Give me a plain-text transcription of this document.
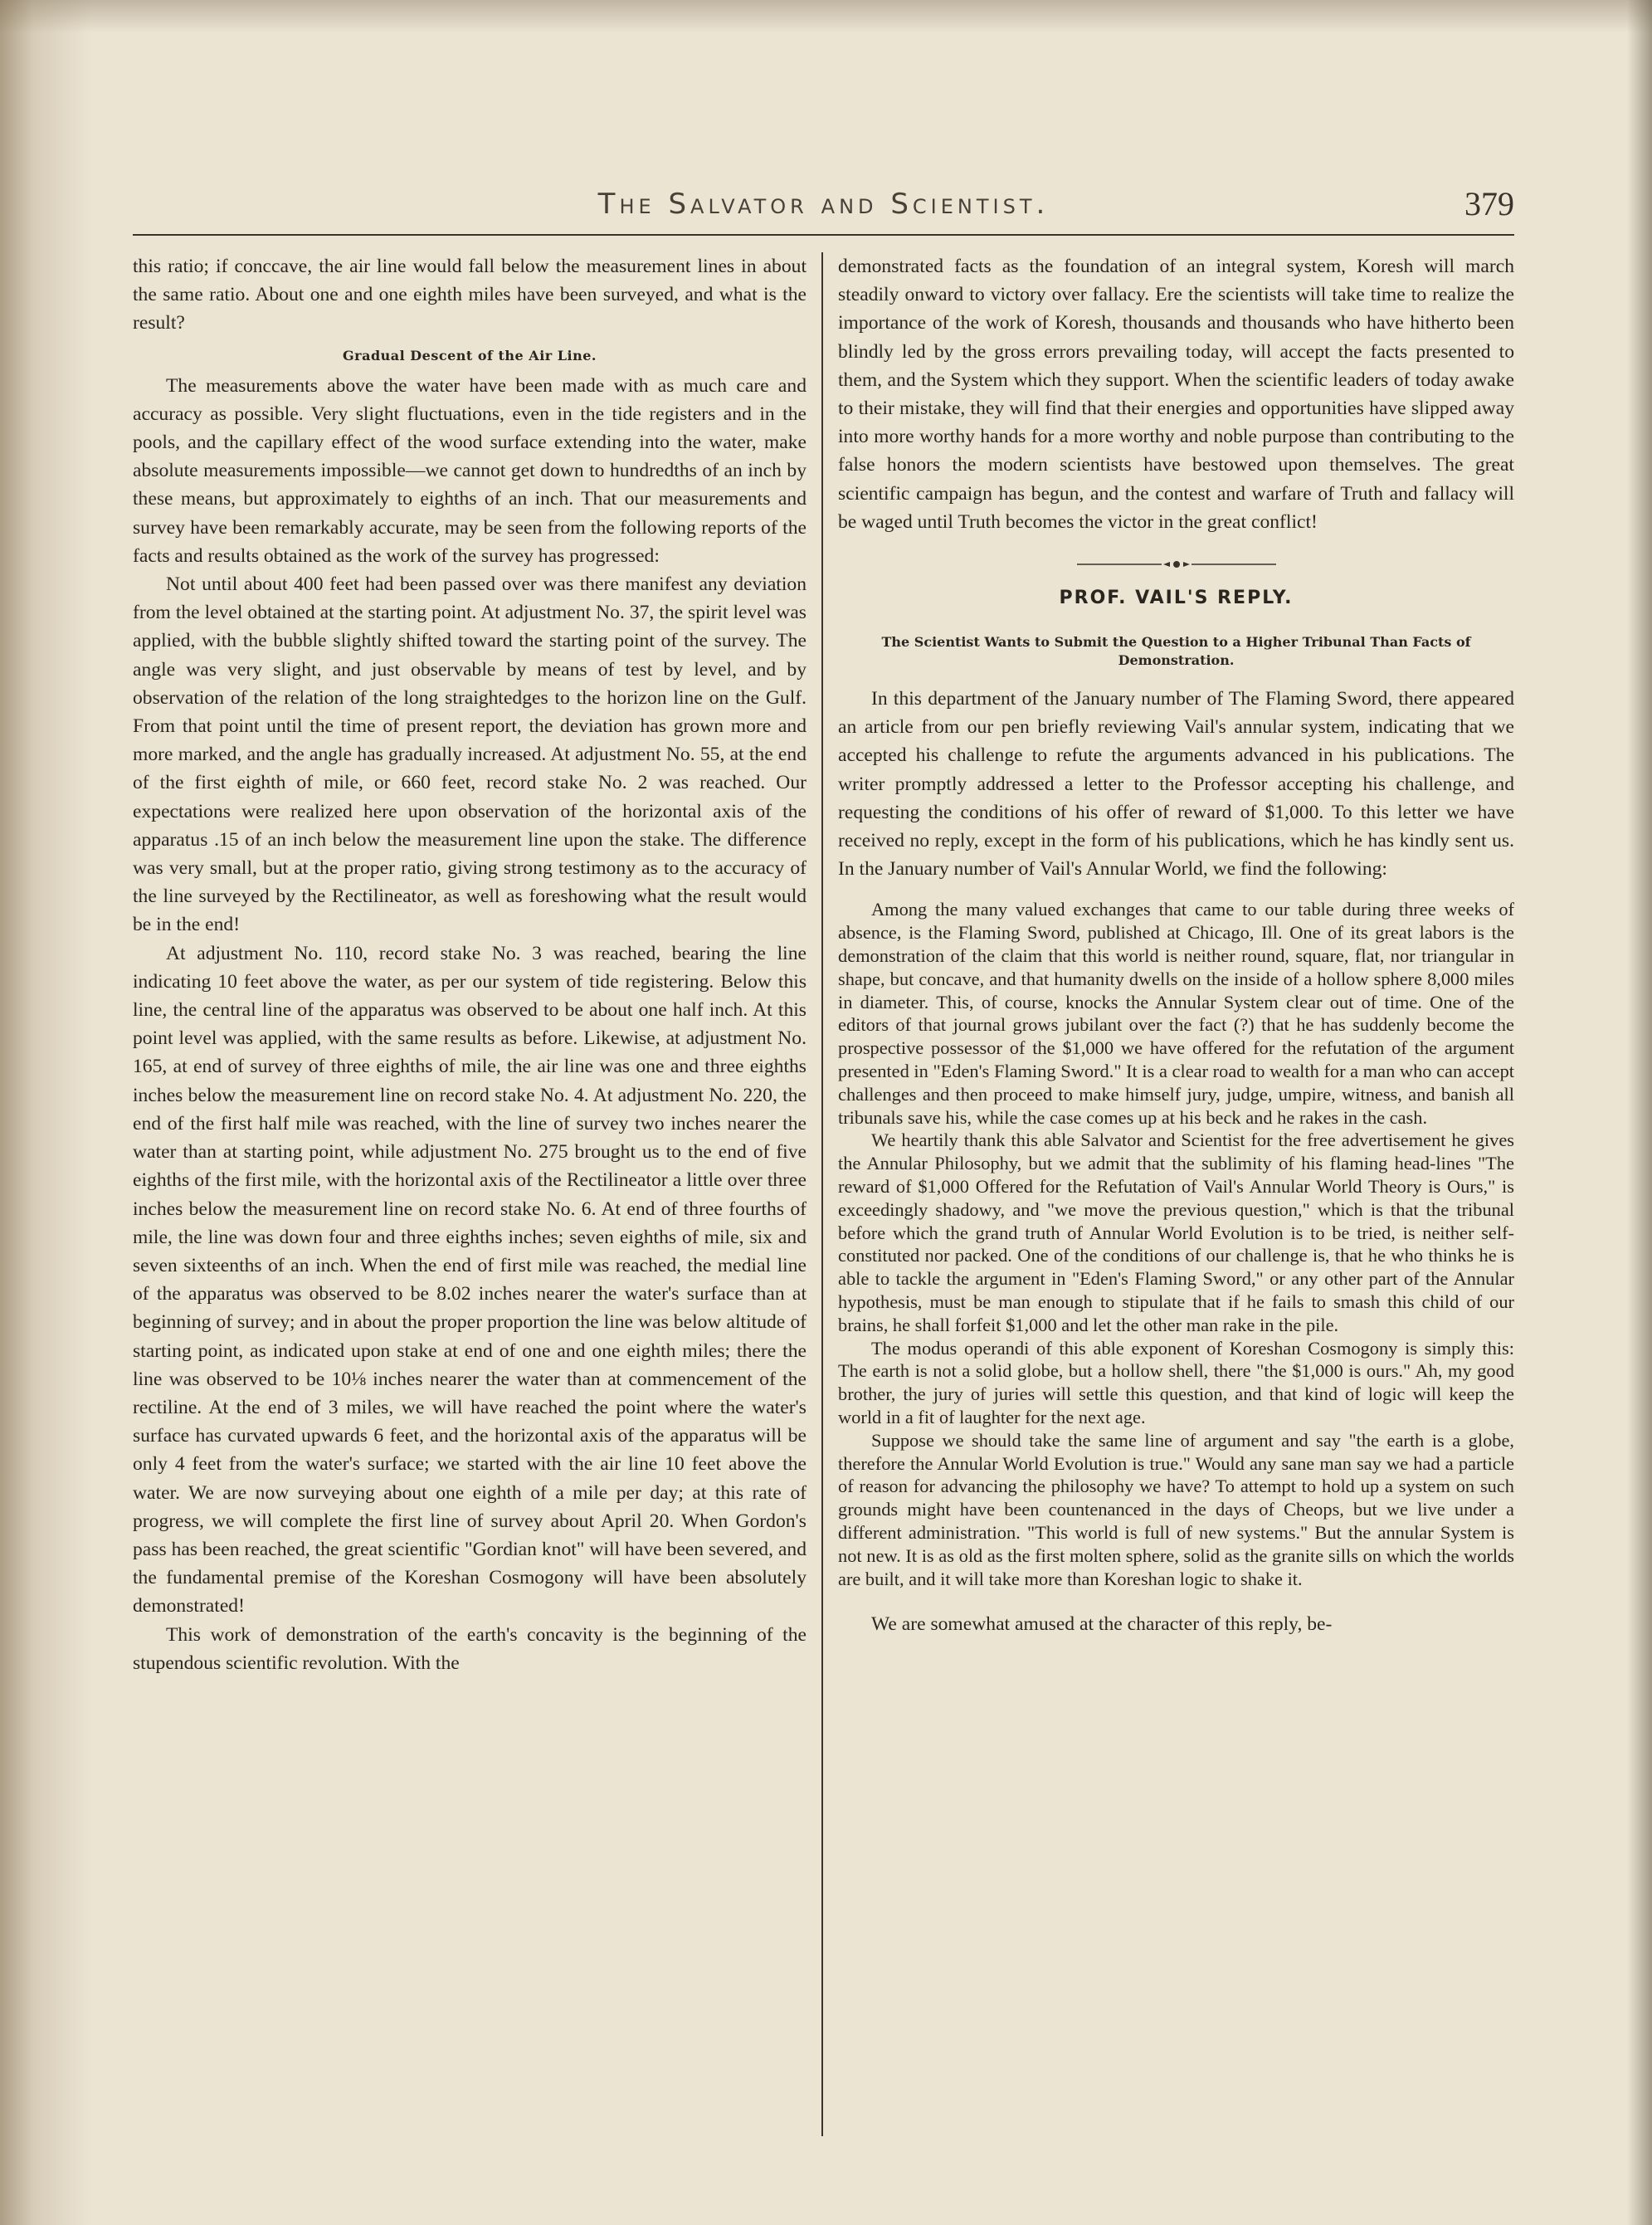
The Salvator and Scientist.	379

this ratio; if conccave, the air line would fall below the measurement lines in about the same ratio. About one and one eighth miles have been surveyed, and what is the result?

Gradual Descent of the Air Line.

The measurements above the water have been made with as much care and accuracy as possible. Very slight fluctuations, even in the tide registers and in the pools, and the capillary effect of the wood surface extending into the water, make absolute measurements impossible—we cannot get down to hundredths of an inch by these means, but approximately to eighths of an inch. That our measurements and survey have been remarkably accurate, may be seen from the following reports of the facts and results obtained as the work of the survey has progressed:

Not until about 400 feet had been passed over was there manifest any deviation from the level obtained at the starting point. At adjustment No. 37, the spirit level was applied, with the bubble slightly shifted toward the starting point of the survey. The angle was very slight, and just observable by means of test by level, and by observation of the relation of the long straightedges to the horizon line on the Gulf. From that point until the time of present report, the deviation has grown more and more marked, and the angle has gradually increased. At adjustment No. 55, at the end of the first eighth of mile, or 660 feet, record stake No. 2 was reached. Our expectations were realized here upon observation of the horizontal axis of the apparatus .15 of an inch below the measurement line upon the stake. The difference was very small, but at the proper ratio, giving strong testimony as to the accuracy of the line surveyed by the Rectilineator, as well as foreshowing what the result would be in the end!

At adjustment No. 110, record stake No. 3 was reached, bearing the line indicating 10 feet above the water, as per our system of tide registering. Below this line, the central line of the apparatus was observed to be about one half inch. At this point level was applied, with the same results as before. Likewise, at adjustment No. 165, at end of survey of three eighths of mile, the air line was one and three eighths inches below the measurement line on record stake No. 4. At adjustment No. 220, the end of the first half mile was reached, with the line of survey two inches nearer the water than at starting point, while adjustment No. 275 brought us to the end of five eighths of the first mile, with the horizontal axis of the Rectilineator a little over three inches below the measurement line on record stake No. 6. At end of three fourths of mile, the line was down four and three eighths inches; seven eighths of mile, six and seven sixteenths of an inch. When the end of first mile was reached, the medial line of the apparatus was observed to be 8.02 inches nearer the water's surface than at beginning of survey; and in about the proper proportion the line was below altitude of starting point, as indicated upon stake at end of one and one eighth miles; there the line was observed to be 10⅛ inches nearer the water than at commencement of the rectiline. At the end of 3 miles, we will have reached the point where the water's surface has curvated upwards 6 feet, and the horizontal axis of the apparatus will be only 4 feet from the water's surface; we started with the air line 10 feet above the water. We are now surveying about one eighth of a mile per day; at this rate of progress, we will complete the first line of survey about April 20. When Gordon's pass has been reached, the great scientific "Gordian knot" will have been severed, and the fundamental premise of the Koreshan Cosmogony will have been absolutely demonstrated!

This work of demonstration of the earth's concavity is the beginning of the stupendous scientific revolution. With the

demonstrated facts as the foundation of an integral system, Koresh will march steadily onward to victory over fallacy. Ere the scientists will take time to realize the importance of the work of Koresh, thousands and thousands who have hitherto been blindly led by the gross errors prevailing today, will accept the facts presented to them, and the System which they support. When the scientific leaders of today awake to their mistake, they will find that their energies and opportunities have slipped away into more worthy hands for a more worthy and noble purpose than contributing to the false honors the modern scientists have bestowed upon themselves. The great scientific campaign has begun, and the contest and warfare of Truth and fallacy will be waged until Truth becomes the victor in the great conflict!

PROF. VAIL'S REPLY.
The Scientist Wants to Submit the Question to a Higher Tribunal Than Facts of Demonstration.

In this department of the January number of The Flaming Sword, there appeared an article from our pen briefly reviewing Vail's annular system, indicating that we accepted his challenge to refute the arguments advanced in his publications. The writer promptly addressed a letter to the Professor accepting his challenge, and requesting the conditions of his offer of reward of $1,000. To this letter we have received no reply, except in the form of his publications, which he has kindly sent us. In the January number of Vail's Annular World, we find the following:

Among the many valued exchanges that came to our table during three weeks of absence, is the Flaming Sword, published at Chicago, Ill. One of its great labors is the demonstration of the claim that this world is neither round, square, flat, nor triangular in shape, but concave, and that humanity dwells on the inside of a hollow sphere 8,000 miles in diameter. This, of course, knocks the Annular System clear out of time. One of the editors of that journal grows jubilant over the fact (?) that he has suddenly become the prospective possessor of the $1,000 we have offered for the refutation of the argument presented in "Eden's Flaming Sword." It is a clear road to wealth for a man who can accept challenges and then proceed to make himself jury, judge, umpire, witness, and banish all tribunals save his, while the case comes up at his beck and he rakes in the cash.

We heartily thank this able Salvator and Scientist for the free advertisement he gives the Annular Philosophy, but we admit that the sublimity of his flaming head-lines "The reward of $1,000 Offered for the Refutation of Vail's Annular World Theory is Ours," is exceedingly shadowy, and "we move the previous question," which is that the tribunal before which the grand truth of Annular World Evolution is to be tried, is neither self-constituted nor packed. One of the conditions of our challenge is, that he who thinks he is able to tackle the argument in "Eden's Flaming Sword," or any other part of the Annular hypothesis, must be man enough to stipulate that if he fails to smash this child of our brains, he shall forfeit $1,000 and let the other man rake in the pile.

The modus operandi of this able exponent of Koreshan Cosmogony is simply this: The earth is not a solid globe, but a hollow shell, there "the $1,000 is ours." Ah, my good brother, the jury of juries will settle this question, and that kind of logic will keep the world in a fit of laughter for the next age.

Suppose we should take the same line of argument and say "the earth is a globe, therefore the Annular World Evolution is true." Would any sane man say we had a particle of reason for advancing the philosophy we have? To attempt to hold up a system on such grounds might have been countenanced in the days of Cheops, but we live under a different administration. "This world is full of new systems." But the annular System is not new. It is as old as the first molten sphere, solid as the granite sills on which the worlds are built, and it will take more than Koreshan logic to shake it.

We are somewhat amused at the character of this reply, be-
